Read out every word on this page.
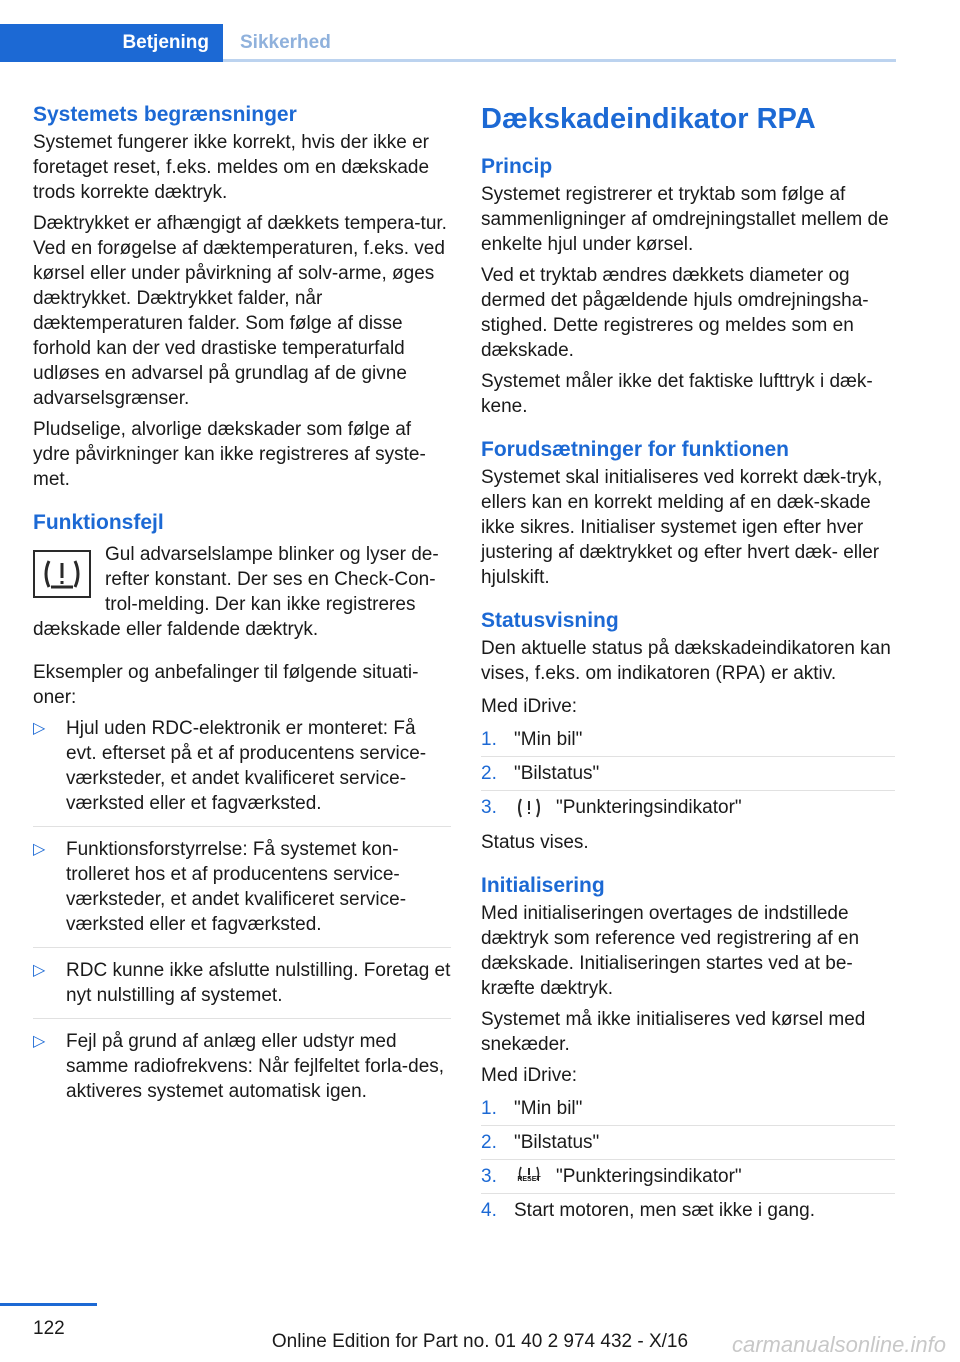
Betjening	Sikkerhed
Systemets begrænsninger

Systemet fungerer ikke korrekt, hvis der ikke er foretaget reset, f.eks. meldes om en dækskade trods korrekte dæktryk.

Dæktrykket er afhængigt af dækkets tempera‐tur. Ved en forøgelse af dæktemperaturen, f.eks. ved kørsel eller under påvirkning af solv‐arme, øges dæktrykket. Dæktrykket falder, når dæktemperaturen falder. Som følge af disse forhold kan der ved drastiske temperaturfald udløses en advarsel på grundlag af de givne advarselsgrænser.

Pludselige, alvorlige dækskader som følge af ydre påvirkninger kan ikke registreres af syste‐met.

Funktionsfejl

Gul advarselslampe blinker og lyser de‐refter konstant. Der ses en Check-Con‐trol-melding. Der kan ikke registreres dækskade eller faldende dæktryk.

Eksempler og anbefalinger til følgende situati‐oner:

▷ Hjul uden RDC-elektronik er monteret: Få evt. efterset på et af producentens service‐værksteder, et andet kvalificeret service‐værksted eller et fagværksted.
▷ Funktionsforstyrrelse: Få systemet kon‐trolleret hos et af producentens service‐værksteder, et andet kvalificeret service‐værksted eller et fagværksted.
▷ RDC kunne ikke afslutte nulstilling. Foretag et nyt nulstilling af systemet.
▷ Fejl på grund af anlæg eller udstyr med samme radiofrekvens: Når fejlfeltet forla‐des, aktiveres systemet automatisk igen.
Dækskadeindikator RPA
Princip

Systemet registrerer et tryktab som følge af sammenligninger af omdrejningstallet mellem de enkelte hjul under kørsel.

Ved et tryktab ændres dækkets diameter og dermed det pågældende hjuls omdrejningsha‐stighed. Dette registreres og meldes som en dækskade.

Systemet måler ikke det faktiske lufttryk i dæk‐kene.

Forudsætninger for funktionen

Systemet skal initialiseres ved korrekt dæk‐tryk, ellers kan en korrekt melding af en dæk‐skade ikke sikres. Initialiser systemet igen efter hver justering af dæktrykket og efter hvert dæk- eller hjulskift.

Statusvisning

Den aktuelle status på dækskadeindikatoren kan vises, f.eks. om indikatoren (RPA) er aktiv.

Med iDrive:

1. "Min bil"
2. "Bilstatus"
3.	"Punkteringsindikator"

Status vises.

Initialisering

Med initialiseringen overtages de indstillede dæktryk som reference ved registrering af en dækskade. Initialiseringen startes ved at be‐kræfte dæktryk.

Systemet må ikke initialiseres ved kørsel med snekæder.

Med iDrive:

1. "Min bil"
2. "Bilstatus"
3.	RESET "Punkteringsindikator"
4. Start motoren, men sæt ikke i gang.
122
Online Edition for Part no. 01 40 2 974 432 - X/16	carmanualsonline.info
